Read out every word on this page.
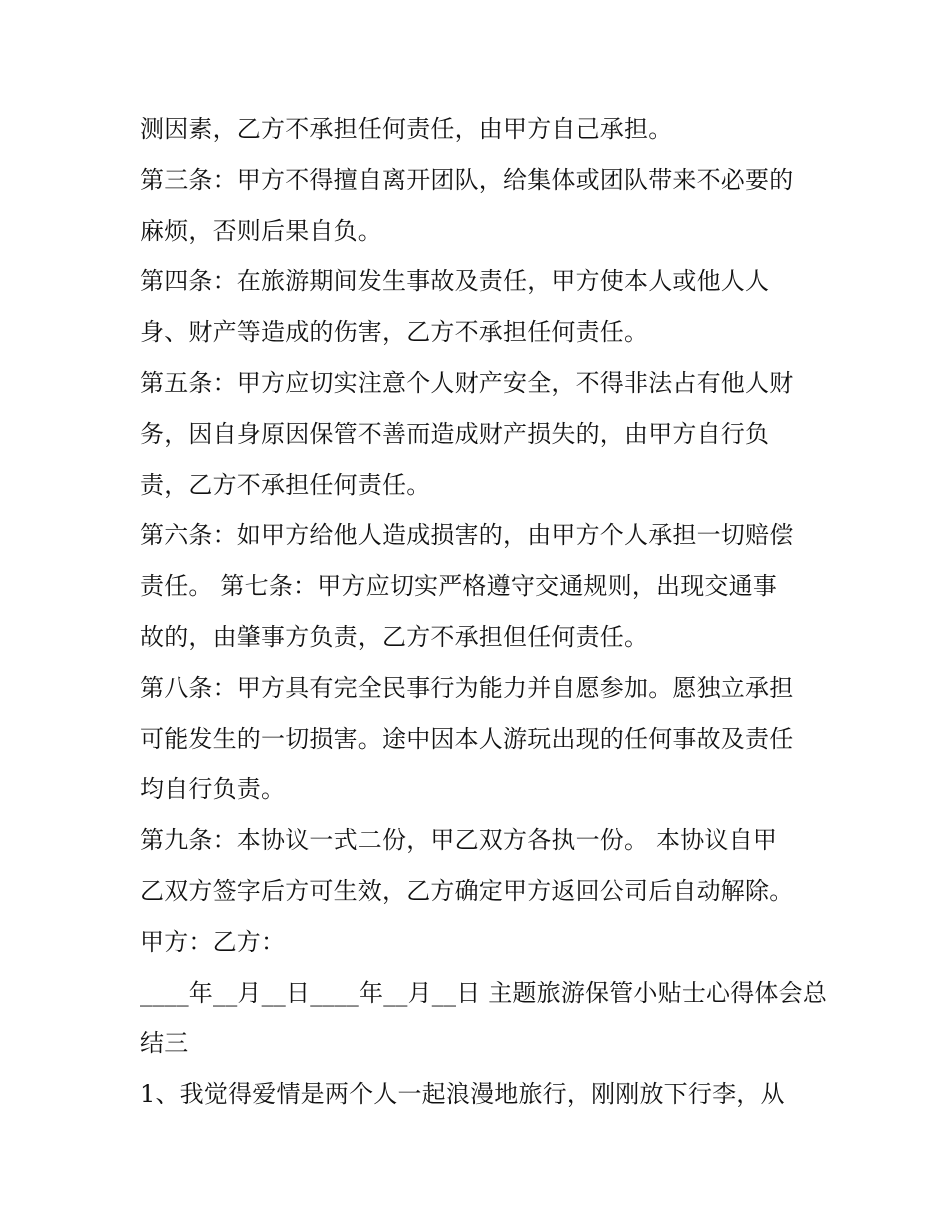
测因素，乙方不承担任何责任，由甲方自己承担。
第三条：甲方不得擅自离开团队，给集体或团队带来不必要的
麻烦，否则后果自负。
第四条：在旅游期间发生事故及责任，甲方使本人或他人人
身、财产等造成的伤害，乙方不承担任何责任。
第五条：甲方应切实注意个人财产安全，不得非法占有他人财
务，因自身原因保管不善而造成财产损失的，由甲方自行负
责，乙方不承担任何责任。
第六条：如甲方给他人造成损害的，由甲方个人承担一切赔偿
责任。 第七条：甲方应切实严格遵守交通规则，出现交通事
故的，由肇事方负责，乙方不承担但任何责任。
第八条：甲方具有完全民事行为能力并自愿参加。愿独立承担
可能发生的一切损害。途中因本人游玩出现的任何事故及责任
均自行负责。
第九条：本协议一式二份，甲乙双方各执一份。 本协议自甲
乙双方签字后方可生效，乙方确定甲方返回公司后自动解除。
甲方：乙方：
____年__月__日____年__月__日 主题旅游保管小贴士心得体会总
结三
1、我觉得爱情是两个人一起浪漫地旅行，刚刚放下行李，从
